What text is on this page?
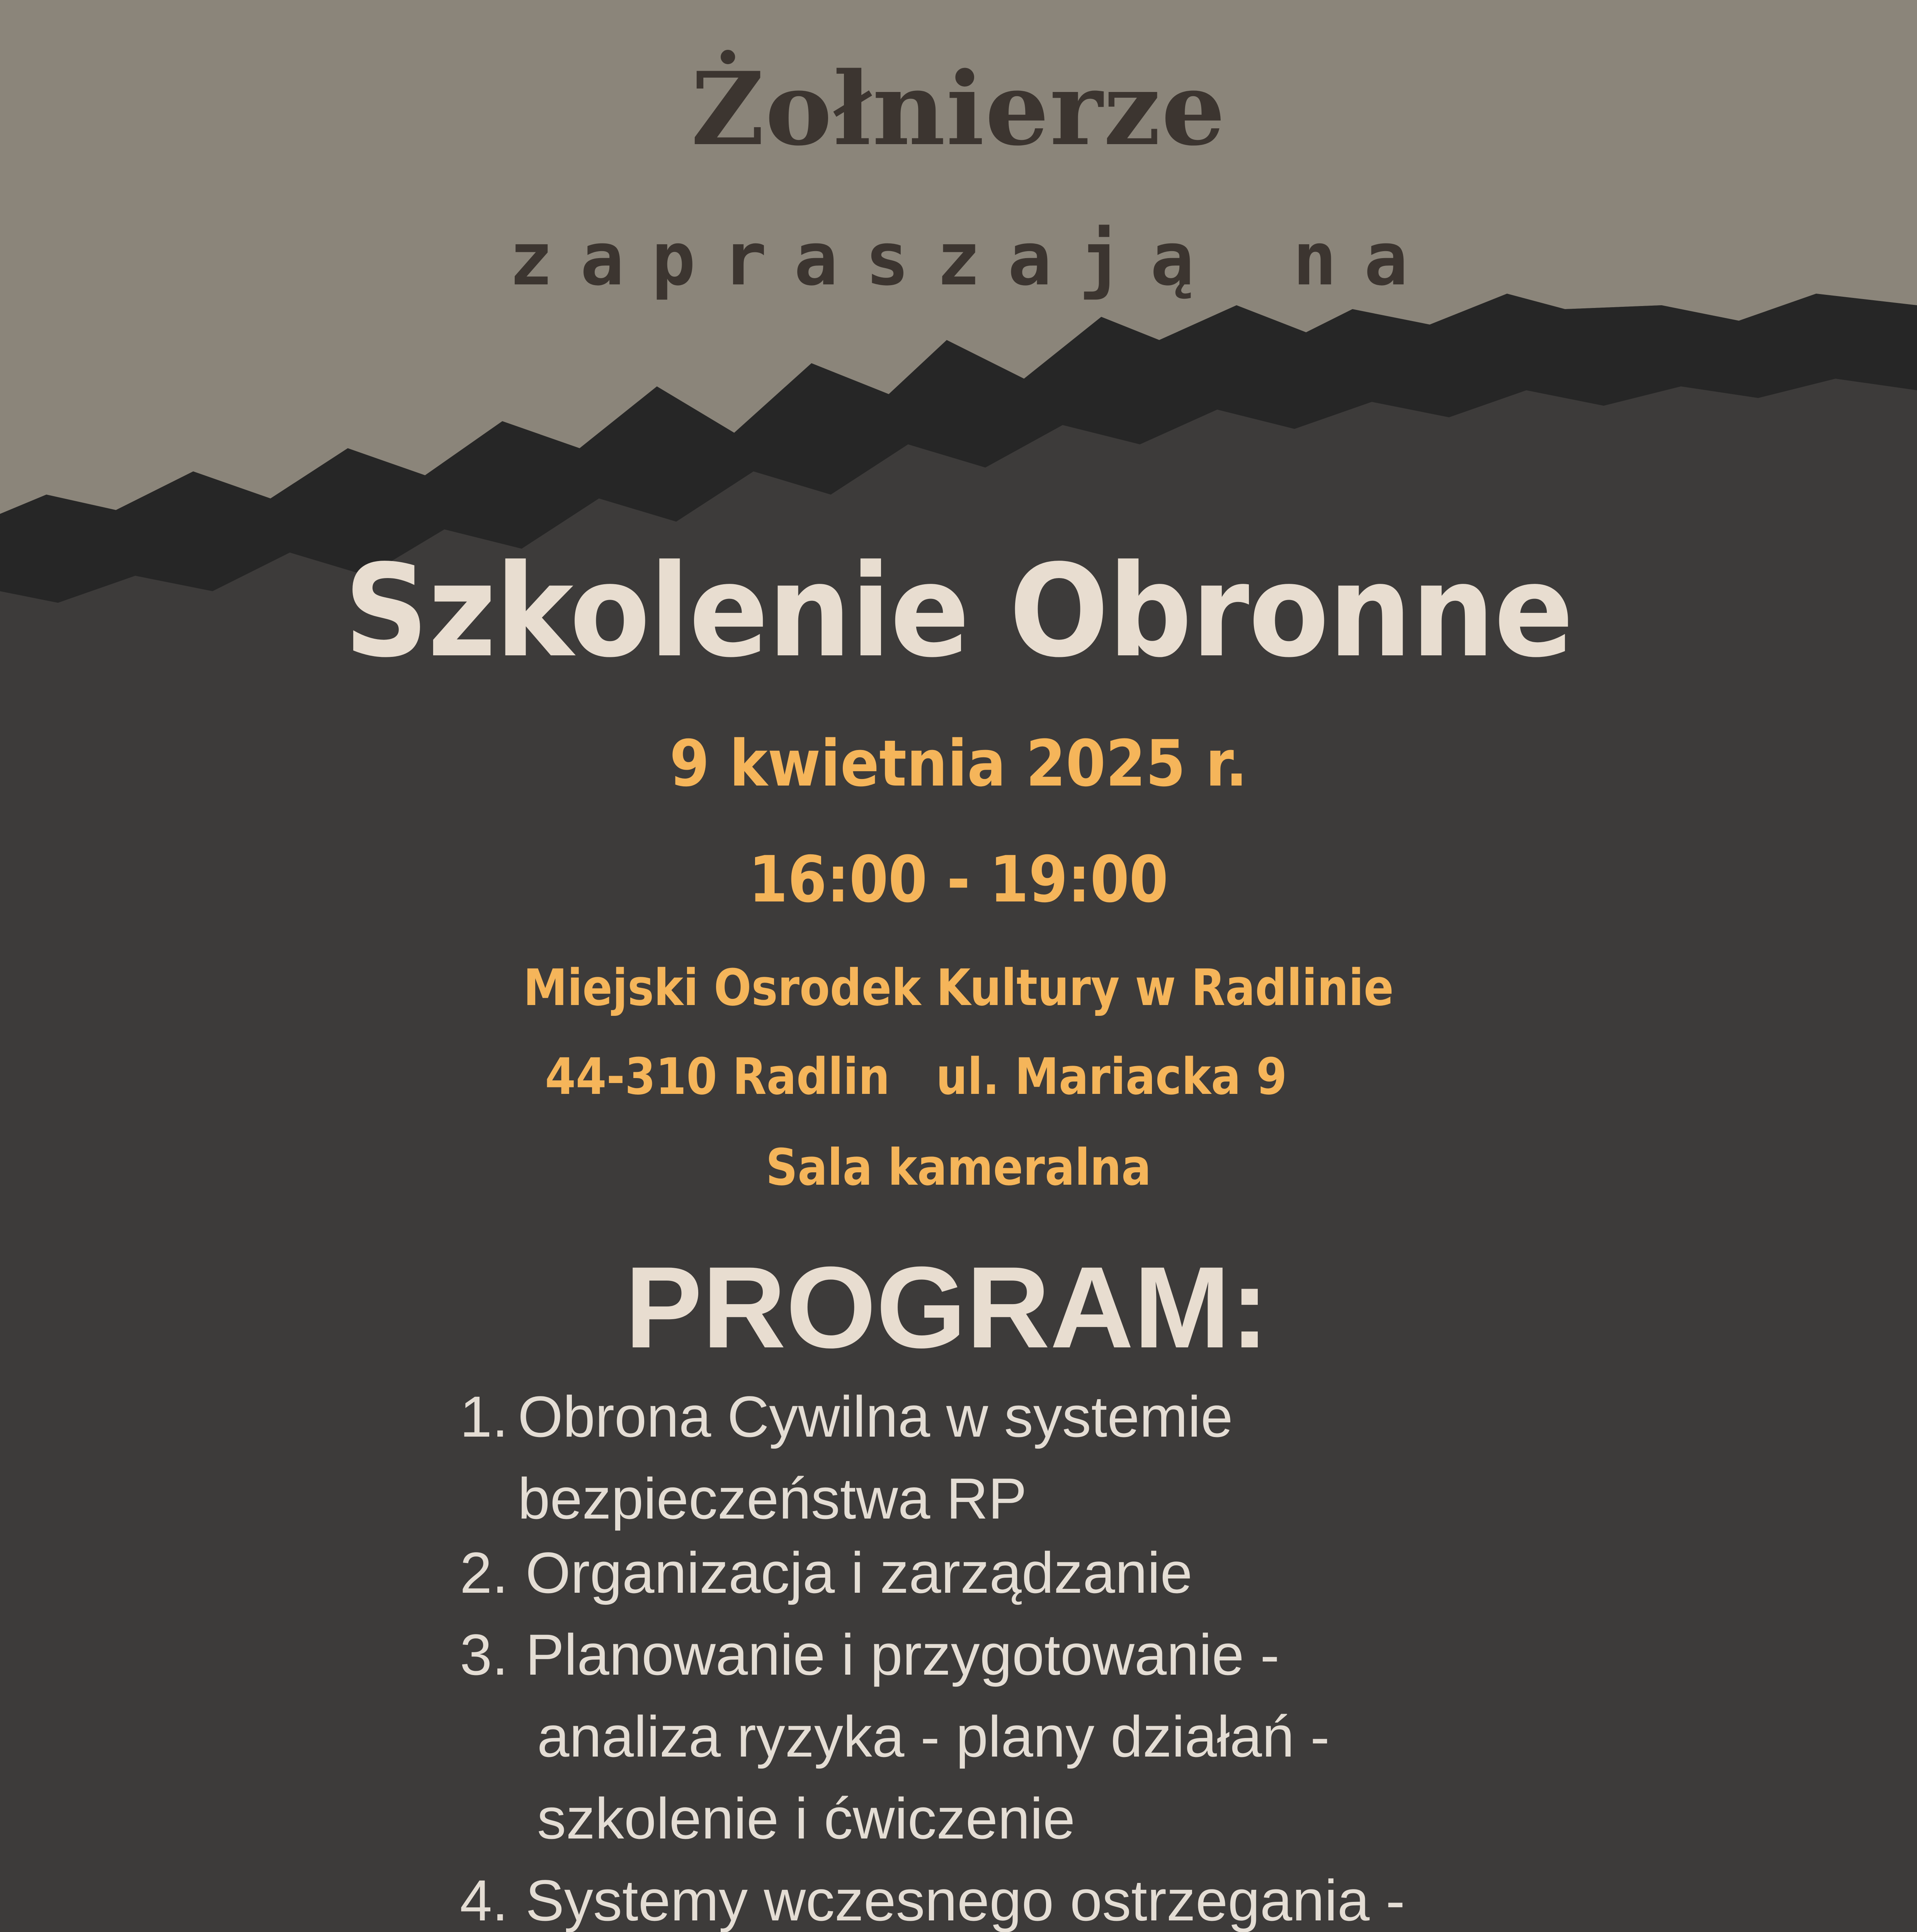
Żołnierze
zapraszają na
Szkolenie Obronne
9 kwietnia 2025 r.
16:00 - 19:00
Miejski Osrodek Kultury w Radlinie
44-310 Radlin   ul. Mariacka 9
Sala kameralna
PROGRAM:
1. Obrona Cywilna w systemie
bezpieczeństwa RP
2. Organizacja i zarządzanie
3. Planowanie i przygotowanie -
analiza ryzyka - plany działań -
szkolenie i ćwiczenie
4. Systemy wczesnego ostrzegania -
